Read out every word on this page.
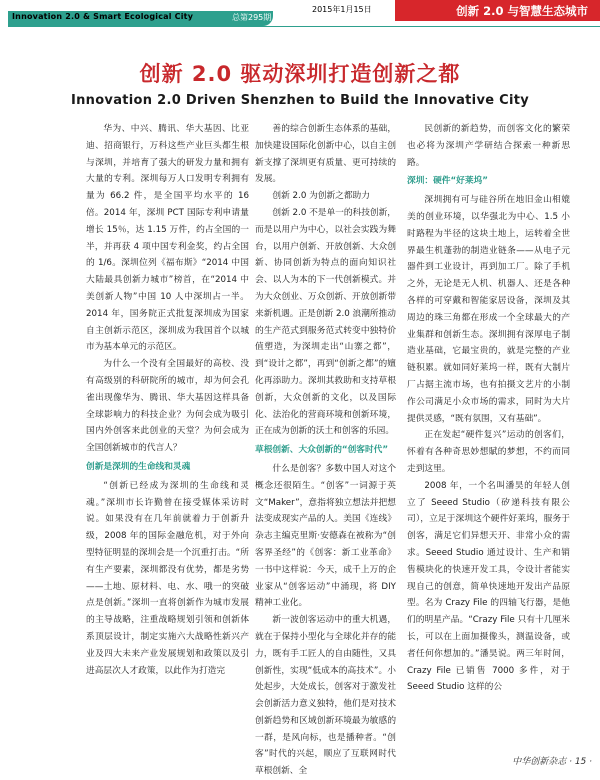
Innovation 2.0 & Smart Ecological City	总第295期
2015年1月15日	创新 2.0 与智慧生态城市
创新 2.0 驱动深圳打造创新之都
Innovation 2.0 Driven Shenzhen to Build the Innovative City

华为、中兴、腾讯、华大基因、比亚迪、招商银行，万科这些产业巨头都生根与深圳，并培育了强大的研发力量和拥有大量的专利。深圳每万人口发明专利拥有量为 66.2 件，是全国平均水平的 16 倍。2014 年，深圳 PCT 国际专利申请量增长 15％，达 1.15 万件，约占全国的一半，并再获 4 项中国专利金奖，约占全国的 1/6。深圳位列《福布斯》“2014 中国大陆最具创新力城市”榜首，在“2014 中美创新人物”中国 10 人中深圳占一半。2014 年，国务院正式批复深圳成为国家自主创新示范区，深圳成为我国首个以城市为基本单元的示范区。

为什么一个没有全国最好的高校、没有高级别的科研院所的城市，却为何会孔雀出现像华为、腾讯、华大基因这样具备全球影响力的科技企业？为何会成为吸引国内外创客来此创业的天堂？为何会成为全国创新城市的代言人？

创新是深圳的生命线和灵魂

“创新已经成为深圳的生命线和灵魂。”深圳市长许勤曾在接受媒体采访时说。如果没有在几年前就着力于创新升级，2008 年的国际金融危机，对于外向型特征明显的深圳会是一个沉重打击。“所有生产要素，深圳都没有优势，都是劣势——土地、原材料、电、水、哦一的突破点是创新。”深圳一直将创新作为城市发展的主导战略，注重战略规划引领和创新体系顶层设计，制定实施六大战略性新兴产业及四大未来产业发展规划和政策以及引进高层次人才政策，以此作为打造完

善的综合创新生态体系的基础，加快建设国际化创新中心，以自主创新支撑了深圳更有质量、更可持续的发展。

创新 2.0 为创新之都助力

创新 2.0 不是单一的科技创新，而是以用户为中心，以社会实践为舞台，以用户创新、开放创新、大众创新、协同创新为特点的面向知识社会、以人为本的下一代创新模式。并为大众创业、万众创新、开放创新带来新机遇。正是创新 2.0 浪潮所推动的生产范式到服务范式转变中独特价值塑造，为深圳走出“山寨之都”，到“设计之都”，再到“创新之都”的嬗化再添助力。深圳其救助和支持草根创新，大众创新的文化，以及国际化、法治化的营商环境和创新环境，正在成为创新的沃土和创客的乐园。

草根创新、大众创新的“创客时代”

什么是创客？多数中国人对这个概念还很陌生。“创客”一词源于英文“Maker”，意指将独立想法并把想法变成现实产品的人。美国《连线》杂志主编克里斯·安德森在被称为“创客界圣经”的《创客：新工业革命》一书中这样说：今天，成千上万的企业家从“创客运动”中涌现，将 DIY 精神工业化。

新一波创客运动中的重大机遇，就在于保持小型化与全球化并存的能力，既有手工匠人的自由随性，又具创新性，实现“低成本的高技术”。小处起步，大处成长，创客对于激发社会创新活力意义独特，他们是对技术创新趋势和区域创新环境最为敏感的一群，是风向标，也是播种者。“创客”时代的兴起，顺应了互联网时代草根创新、全

民创新的新趋势，而创客文化的繁荣也必将为深圳产学研结合探索一种新思路。

深圳：硬件“好莱坞”

深圳拥有可与硅谷所在地旧金山相媲美的创业环境，以华强北为中心、1.5 小时路程为半径的这块土地上，运转着全世界最生机蓬勃的制造业链条——从电子元器件到工业设计，再到加工厂。除了手机之外，无论是无人机、机器人、还是各种各样的可穿戴和智能家居设备，深圳及其周边的珠三角都在形成一个全球最大的产业集群和创新生态。深圳拥有深厚电子制造业基础，它最宝贵的，就是完整的产业链积累。就如同好莱坞一样，既有大制片厂占据主流市场，也有拍摄文艺片的小制作公司满足小众市场的需求，同时为大片提供灵感，“既有氛围，又有基础”。

正在发起“硬件复兴”运动的创客们，怀着有各种奇思妙想賦的梦想，不约而同走到这里。

2008 年，一个名叫潘昊的年轻人创立了 Seeed Studio（矽递科技有限公司），立足于深圳这个硬件好莱坞，服务于创客，满足它们异想天开、非常小众的需求。Seeed Studio 通过设计、生产和销售模块化的快速开发工具，令设计者能实现自己的创意，简单快速地开发出产品原型。名为 Crazy File 的四轴飞行器，是他们的明星产品。“Crazy File 只有十几厘米长，可以在上面加摄像头，测温设备，或者任何你想加的。”潘昊说。两三年时间，Crazy File 已销售 7000 多件，对于 Seeed Studio 这样的公

中华创新杂志 · 15 ·
